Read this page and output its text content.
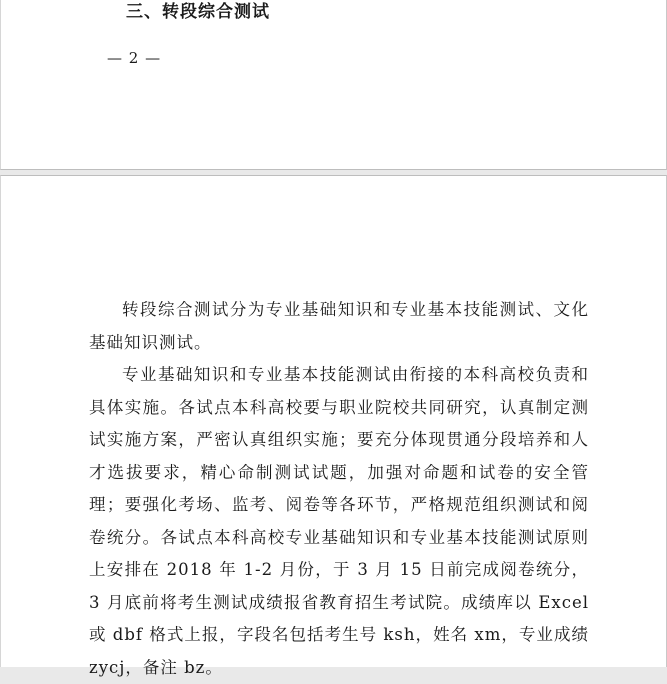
三、转段综合测试
— 2 —

转段综合测试分为专业基础知识和专业基本技能测试、文化基础知识测试。

专业基础知识和专业基本技能测试由衔接的本科高校负责和具体实施。各试点本科高校要与职业院校共同研究，认真制定测试实施方案，严密认真组织实施；要充分体现贯通分段培养和人才选拔要求，精心命制测试试题，加强对命题和试卷的安全管理；要强化考场、监考、阅卷等各环节，严格规范组织测试和阅卷统分。各试点本科高校专业基础知识和专业基本技能测试原则上安排在 2018 年 1-2 月份，于 3 月 15 日前完成阅卷统分，3 月底前将考生测试成绩报省教育招生考试院。成绩库以 Excel 或 dbf 格式上报，字段名包括考生号 ksh，姓名 xm，专业成绩 zycj，备注 bz。
